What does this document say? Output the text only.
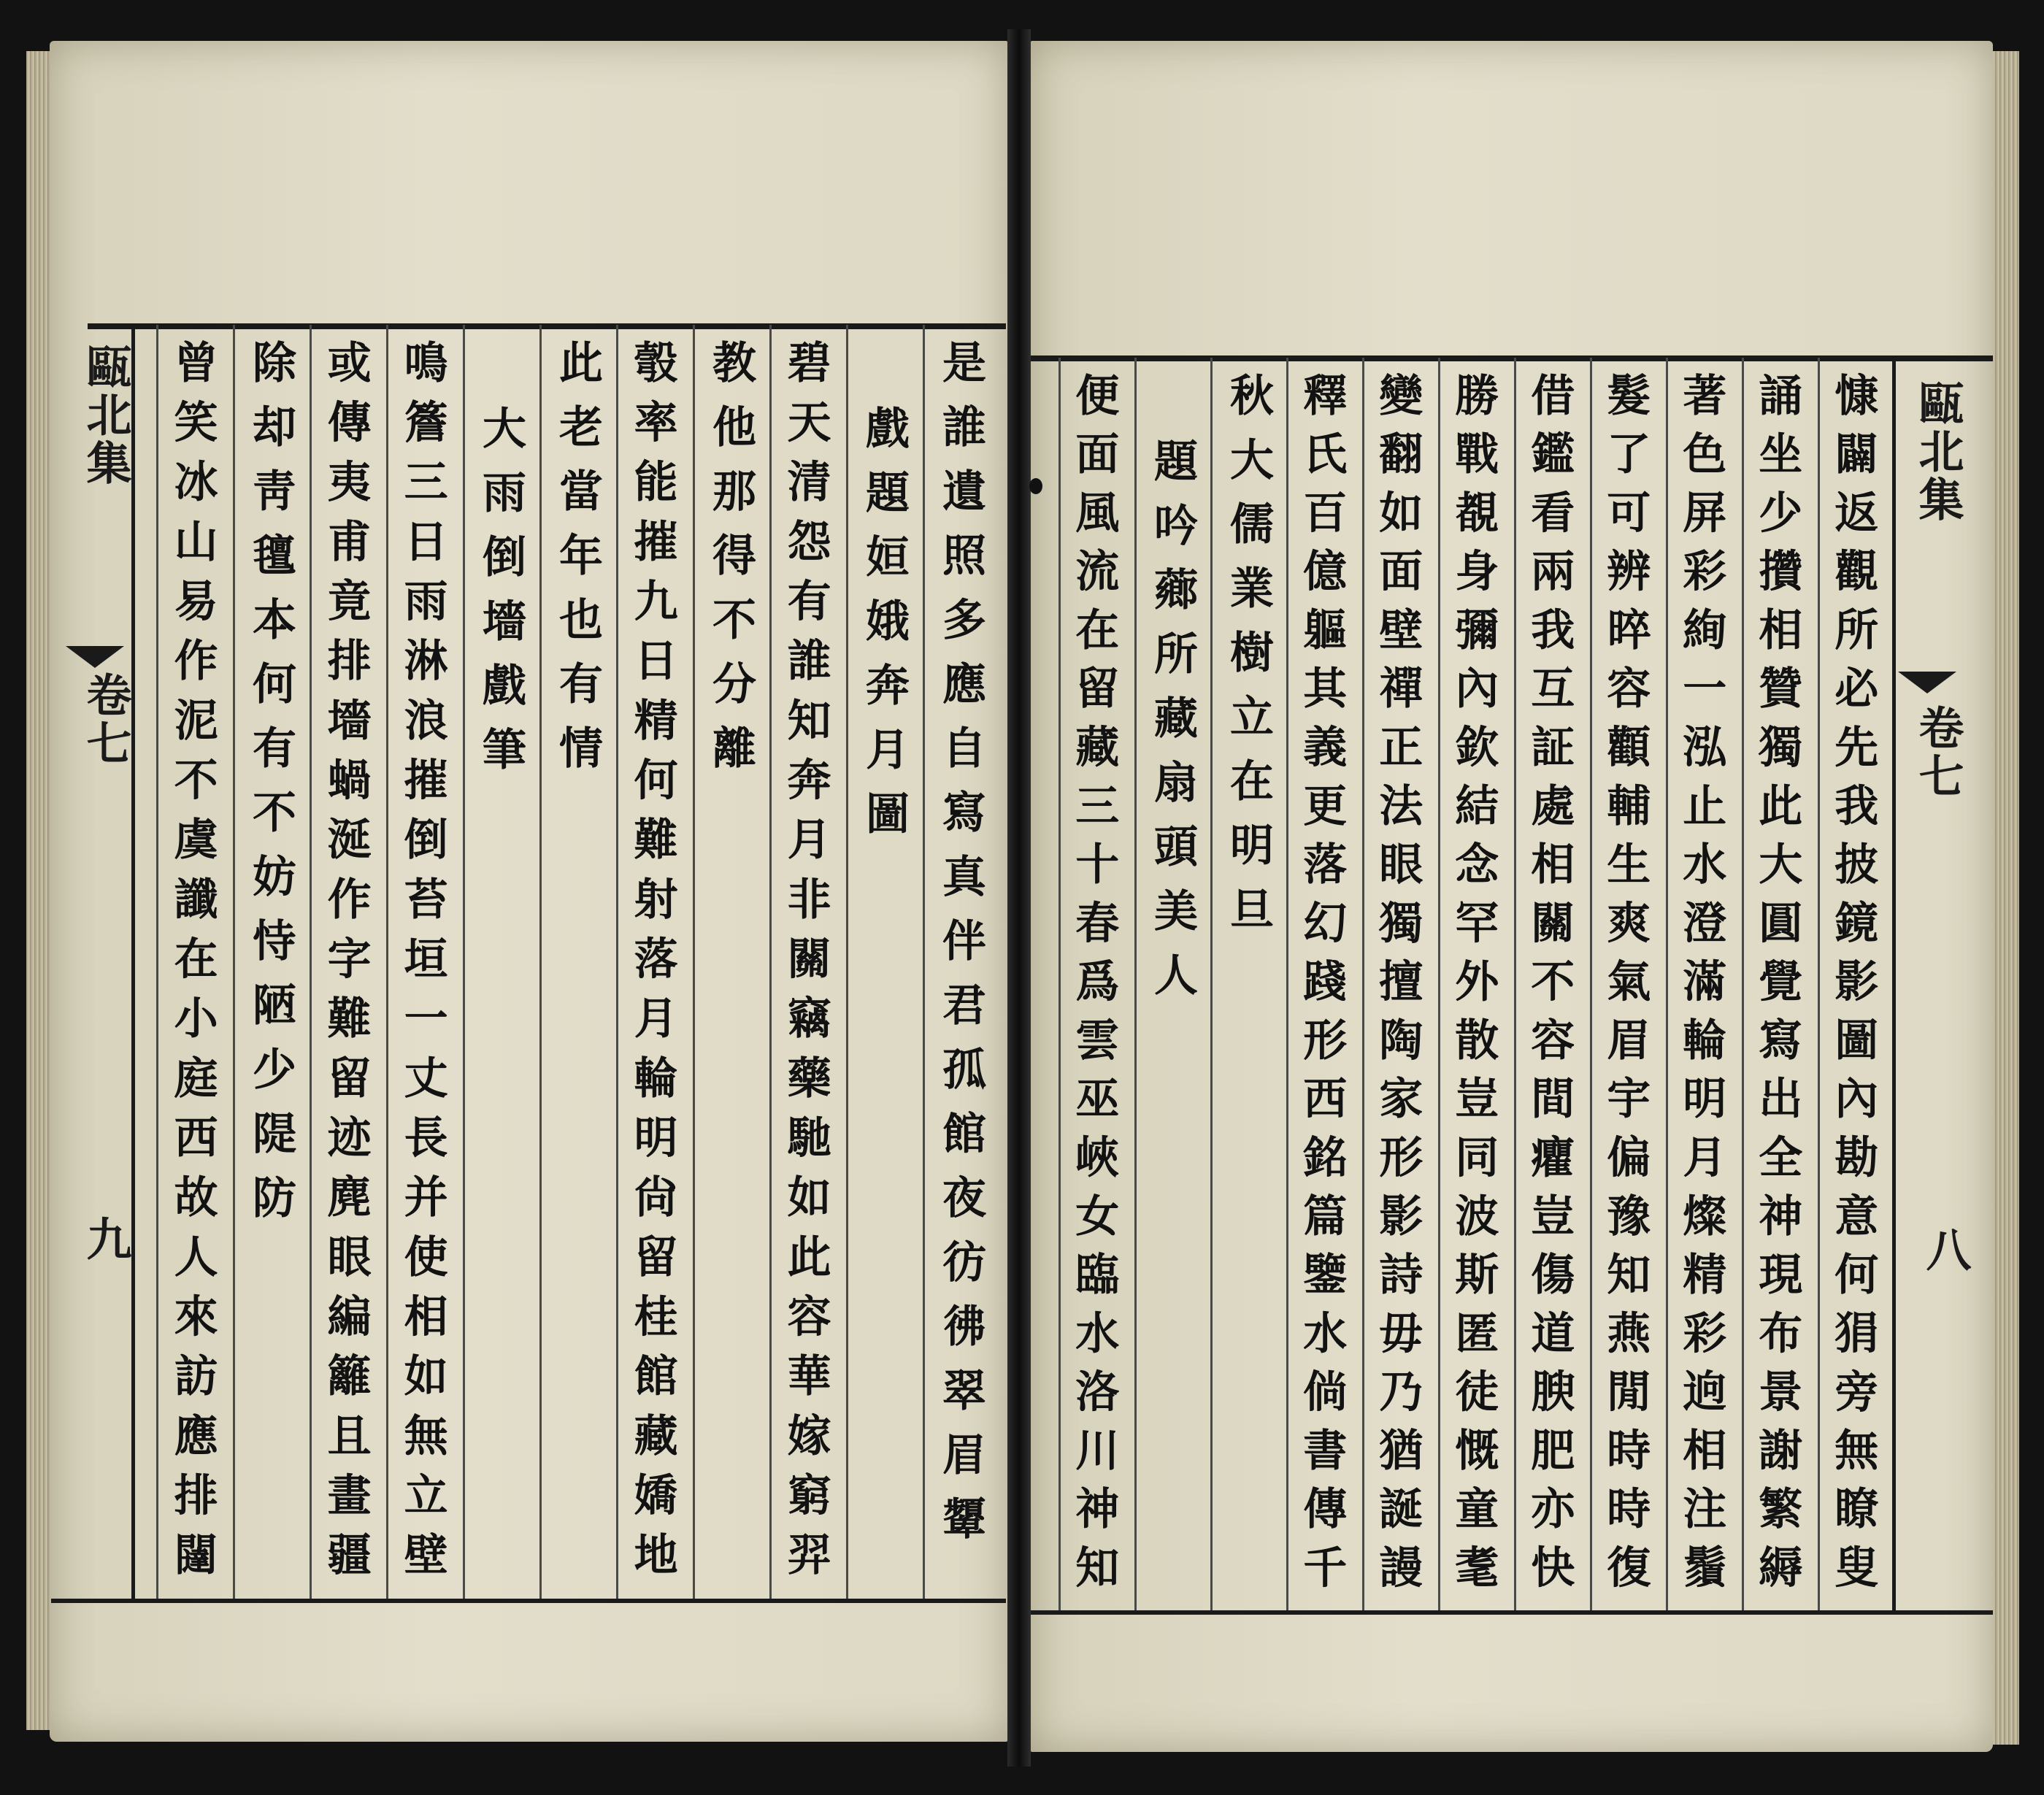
甌北集
卷七
九	是誰遺照多應自寫真伴君孤館夜彷彿翠眉顰
戲題姮娥奔月圖
碧天清怨有誰知奔月非關竊藥馳如此容華嫁窮羿
教他那得不分離
彀率能摧九日精何難射落月輪明尙留桂館藏嬌地
此老當年也有情
大雨倒墻戲筆
鳴簷三日雨淋浪摧倒苔垣一丈長并使相如無立壁
或傳夷甫竟排墻蝸涎作字難留迹麂眼編籬且畫疆
除却靑氊本何有不妨恃陋少隄防
曾笑冰山易作泥不虞讖在小庭西故人來訪應排闥	甌北集
卷七
八
慷闢返觀所必先我披鏡影圖內勘意何狷旁無瞭叟
誦坐少攢相贊獨此大圓覺寫出全神現布景謝繁縟
著色屏彩絢一泓止水澄滿輪明月燦精彩逈相注鬚
髮了可辨晬容顴輔生爽氣眉宇偏豫知燕閒時時復
借鑑看兩我互証處相關不容間癯豈傷道腴肥亦快
勝戰覩身彌內欽結念罕外散豈同波斯匿徒慨童耄
變翻如面壁禪正法眼獨擅陶家形影詩毋乃猶誕謾
釋氏百億軀其義更落幻踐形西銘篇鑒水倘書傳千
秋大儒業樹立在明旦
題吟薌所藏扇頭美人
便面風流在留藏三十春爲雲巫峽女臨水洛川神知
